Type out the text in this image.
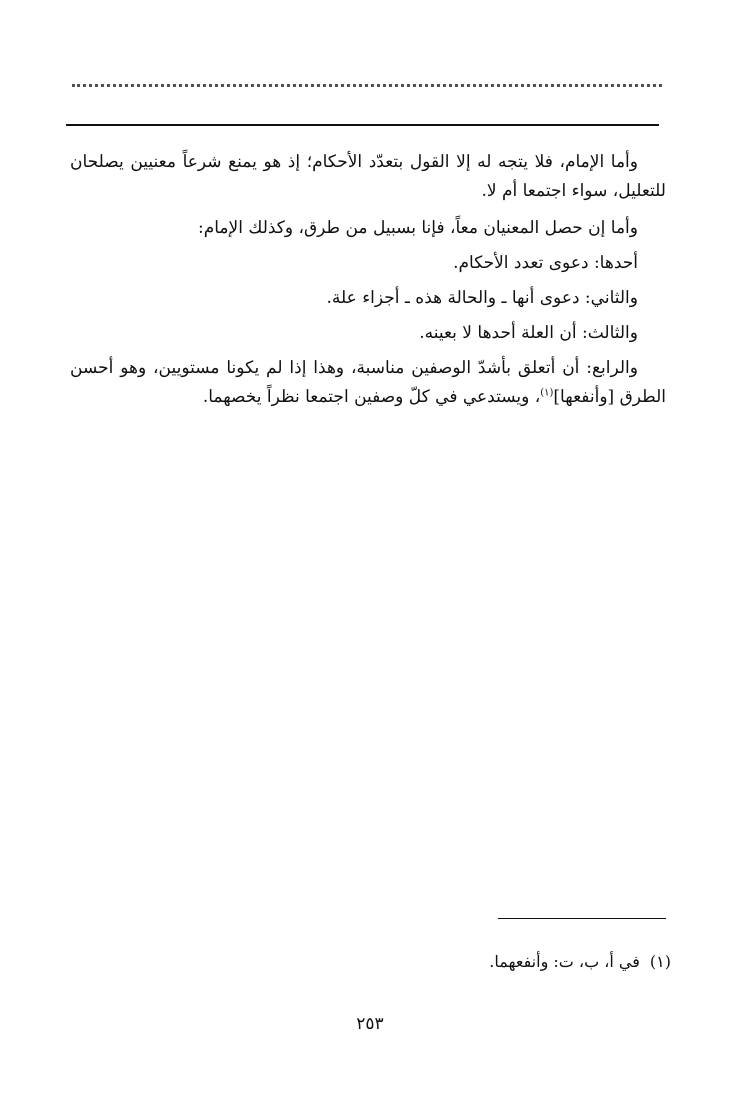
وأما الإمام، فلا يتجه له إلا القول بتعدّد الأحكام؛ إذ هو يمنع شرعاً معنيين يصلحان للتعليل، سواء اجتمعا أم لا.

وأما إن حصل المعنيان معاً، فإنا بسبيل من طرق، وكذلك الإمام:

أحدها: دعوى تعدد الأحكام.

والثاني: دعوى أنها ـ والحالة هذه ـ أجزاء علة.

والثالث: أن العلة أحدها لا بعينه.

والرابع: أن أتعلق بأشدّ الوصفين مناسبة، وهذا إذا لم يكونا مستويين، وهو أحسن الطرق [وأنفعها]$^{(١)}$، ويستدعي في كلّ وصفين اجتمعا نظراً يخصهما.

(١)في أ، ب، ت: وأنفعهما.
٢٥٣
